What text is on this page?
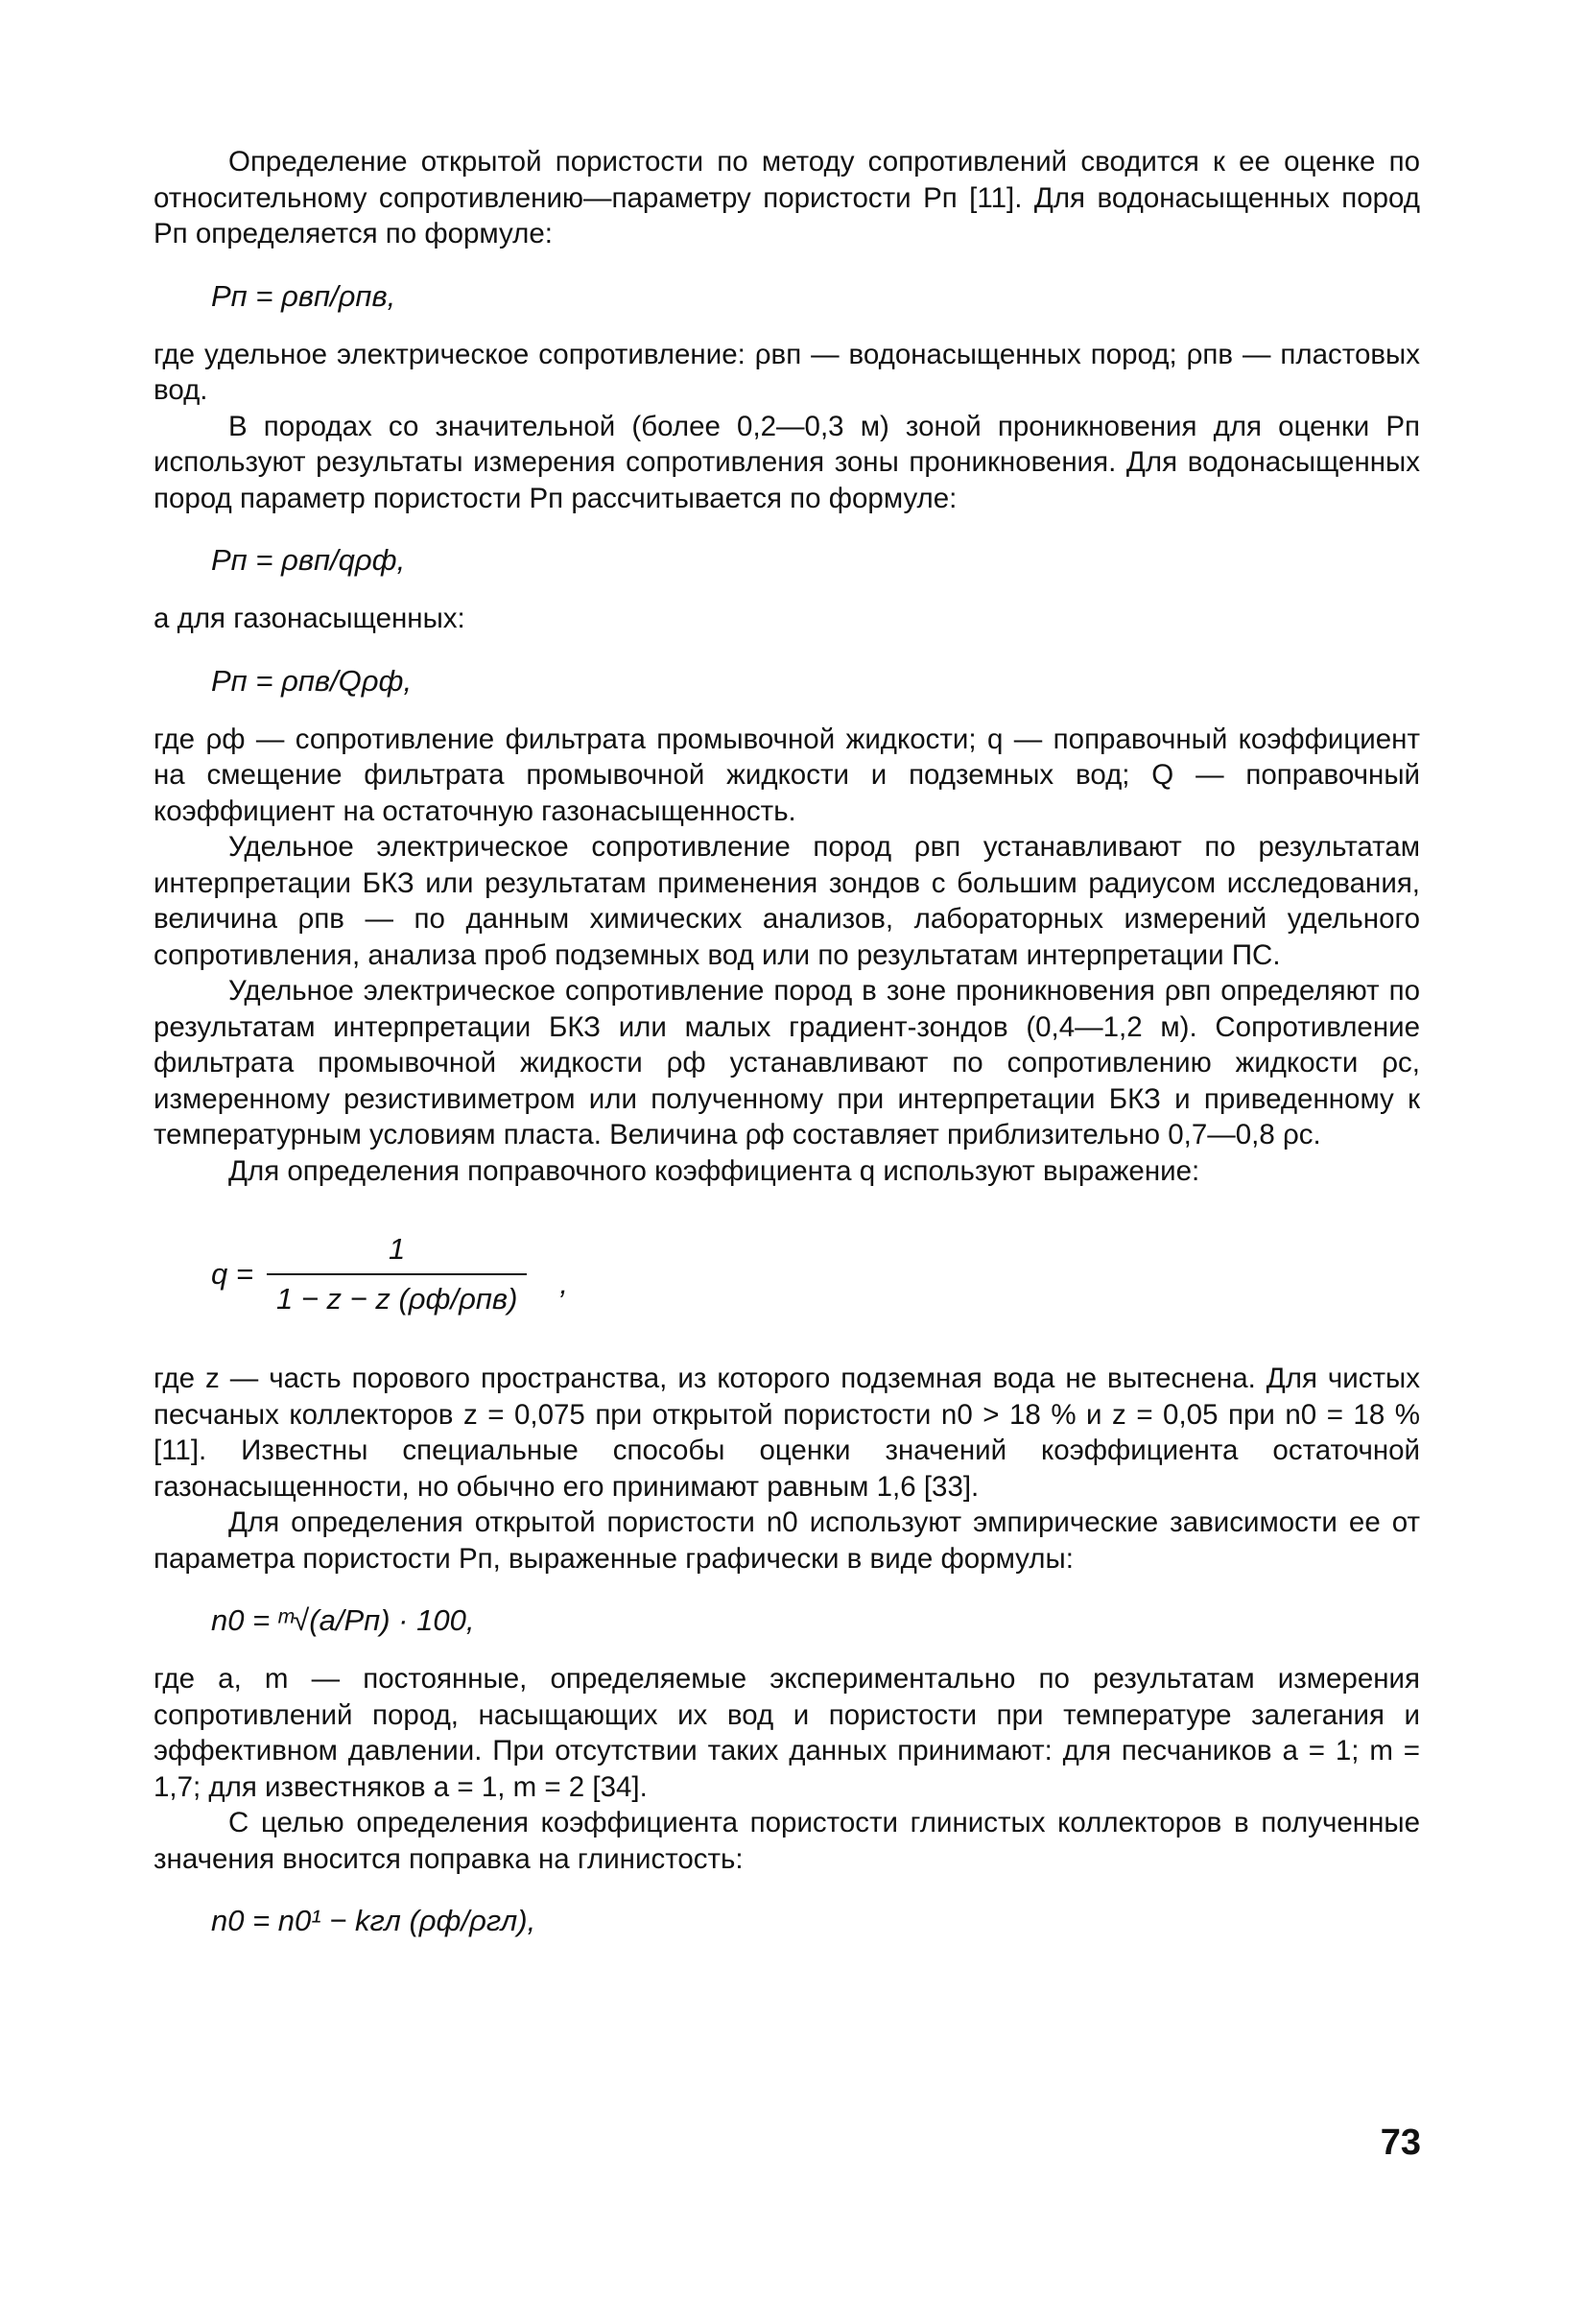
Определение открытой пористости по методу сопротивлений сводится к ее оценке по относительному сопротивлению—параметру пористости Pп [11]. Для водонасыщенных пород Pп определяется по формуле:

Pп = ρвп/ρпв,

где удельное электрическое сопротивление: ρвп — водонасыщенных пород; ρпв — пластовых вод.

В породах со значительной (более 0,2—0,3 м) зоной проникновения для оценки Pп используют результаты измерения сопротивления зоны проникновения. Для водонасыщенных пород параметр пористости Pп рассчитывается по формуле:

Pп = ρвп/qρф,

а для газонасыщенных:

Pп = ρпв/Qρф,

где ρф — сопротивление фильтрата промывочной жидкости; q — поправочный коэффициент на смещение фильтрата промывочной жидкости и подземных вод; Q — поправочный коэффициент на остаточную газонасыщенность.

Удельное электрическое сопротивление пород ρвп устанавливают по результатам интерпретации БКЗ или результатам применения зондов с большим радиусом исследования, величина ρпв — по данным химических анализов, лабораторных измерений удельного сопротивления, анализа проб подземных вод или по результатам интерпретации ПС.

Удельное электрическое сопротивление пород в зоне проникновения ρвп определяют по результатам интерпретации БКЗ или малых градиент-зондов (0,4—1,2 м). Сопротивление фильтрата промывочной жидкости ρф устанавливают по сопротивлению жидкости ρс, измеренному резистивиметром или полученному при интерпретации БКЗ и приведенному к температурным условиям пласта. Величина ρф составляет приблизительно 0,7—0,8 ρс.

Для определения поправочного коэффициента q используют выражение:

$q = \frac{1}{\text{1 − z − z (ρф/ρпв)}}$ ,

где z — часть порового пространства, из которого подземная вода не вытеснена. Для чистых песчаных коллекторов z = 0,075 при открытой пористости n0 > 18 % и z = 0,05 при n0 = 18 % [11]. Известны специальные способы оценки значений коэффициента остаточной газонасыщенности, но обычно его принимают равным 1,6 [33].

Для определения открытой пористости n0 используют эмпирические зависимости ее от параметра пористости Pп, выраженные графически в виде формулы:

n0 = ᵐ√(a/Pп) · 100,

где a, m — постоянные, определяемые экспериментально по результатам измерения сопротивлений пород, насыщающих их вод и пористости при температуре залегания и эффективном давлении. При отсутствии таких данных принимают: для песчаников a = 1; m = 1,7; для известняков a = 1, m = 2 [34].

С целью определения коэффициента пористости глинистых коллекторов в полученные значения вносится поправка на глинистость:

n0 = n0¹ − kгл (ρф/ρгл),
73
